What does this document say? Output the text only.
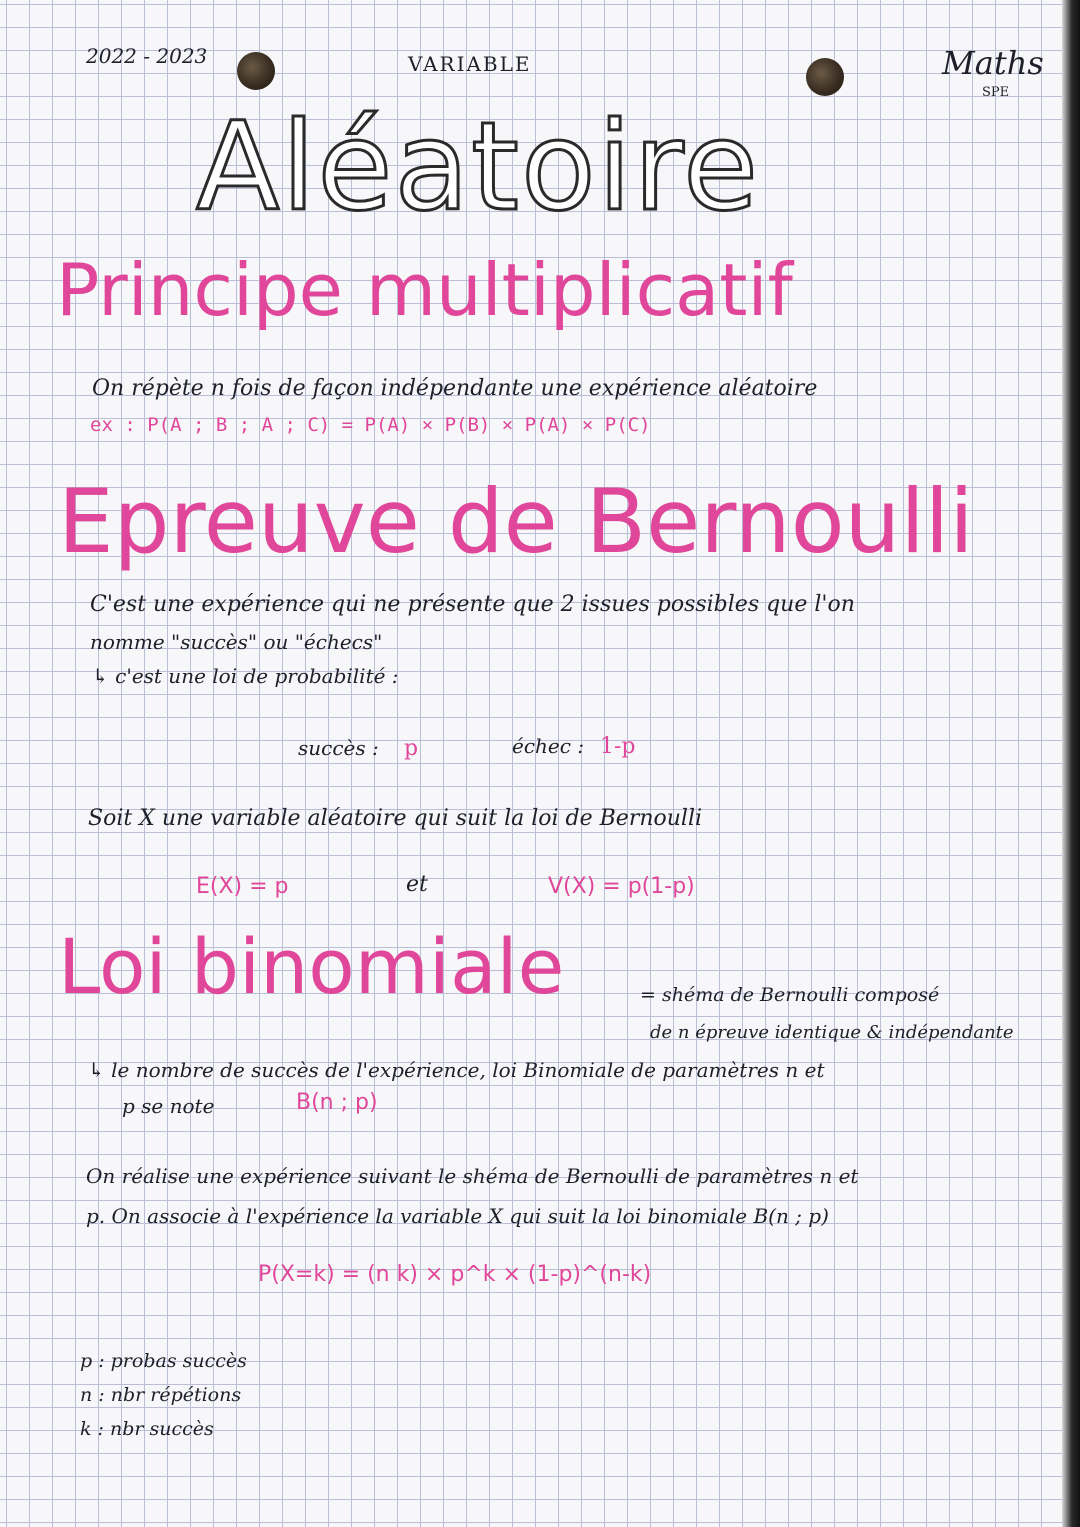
2022 - 2023	VARIABLE	Maths
SPE
Aléatoire
Principe multiplicatif
On répète n fois de façon indépendante une expérience aléatoire
ex : P(A ; B ; A ; C) = P(A) × P(B) × P(A) × P(C)
Epreuve de Bernoulli
C'est une expérience qui ne présente que 2 issues possibles que l'on
nomme "succès" ou "échecs"
↳ c'est une loi de probabilité :
succès : p	échec : 1-p
Soit X une variable aléatoire qui suit la loi de Bernoulli
E(X) = p	et	V(X) = p(1-p)
Loi binomiale	= shéma de Bernoulli composé
de n épreuve identique & indépendante
↳ le nombre de succès de l'expérience, loi Binomiale de paramètres n et
p se note	B(n ; p)
On réalise une expérience suivant le shéma de Bernoulli de paramètres n et
p. On associe à l'expérience la variable X qui suit la loi binomiale B(n ; p)
P(X=k) = (n k) × p^k × (1-p)^(n-k)
p : probas succès
n : nbr répétions
k : nbr succès
